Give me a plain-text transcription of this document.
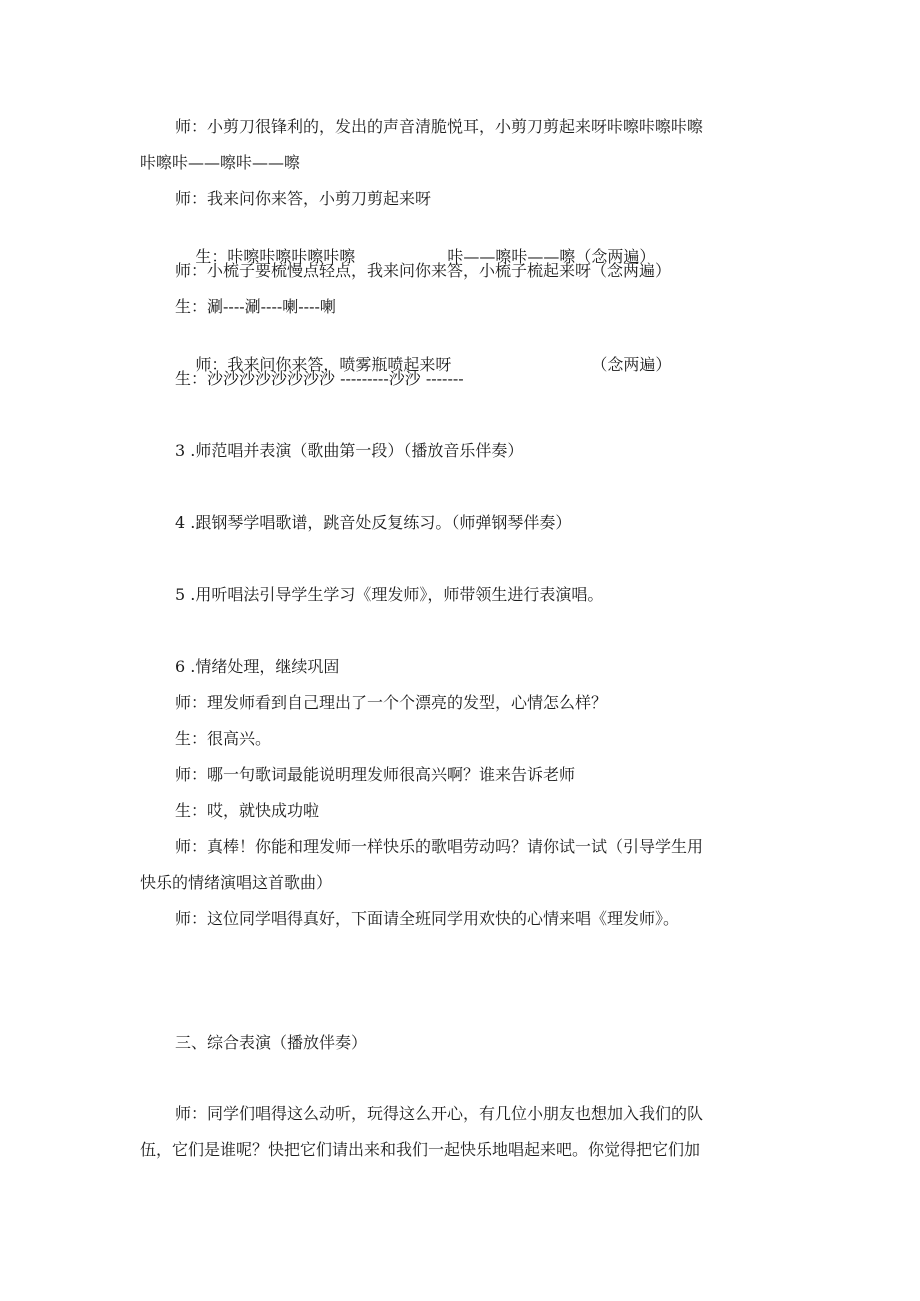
师：小剪刀很锋利的，发出的声音清脆悦耳，小剪刀剪起来呀咔嚓咔嚓咔嚓
咔嚓咔——嚓咔——嚓
师：我来问你来答，小剪刀剪起来呀

生：咔嚓咔嚓咔嚓咔嚓	咔——嚓咔——嚓（念两遍）

师：小梳子要梳慢点轻点，我来问你来答，小梳子梳起来呀（念两遍）
生：涮----涮----喇----喇

师：我来问你来答，喷雾瓶喷起来呀	（念两遍）

生：沙沙沙沙沙沙沙沙 ---------沙沙 -------
3 .师范唱并表演（歌曲第一段）（播放音乐伴奏）
4 .跟钢琴学唱歌谱，跳音处反复练习。（师弹钢琴伴奏）
5 .用听唱法引导学生学习《理发师》，师带领生进行表演唱。
6 .情绪处理，继续巩固
师：理发师看到自己理出了一个个漂亮的发型，心情怎么样？
生：很高兴。
师：哪一句歌词最能说明理发师很高兴啊？谁来告诉老师
生：哎，就快成功啦
师：真棒！你能和理发师一样快乐的歌唱劳动吗？请你试一试（引导学生用
快乐的情绪演唱这首歌曲）
师：这位同学唱得真好，下面请全班同学用欢快的心情来唱《理发师》。
三、综合表演（播放伴奏）
师：同学们唱得这么动听，玩得这么开心，有几位小朋友也想加入我们的队
伍，它们是谁呢？快把它们请出来和我们一起快乐地唱起来吧。你觉得把它们加
